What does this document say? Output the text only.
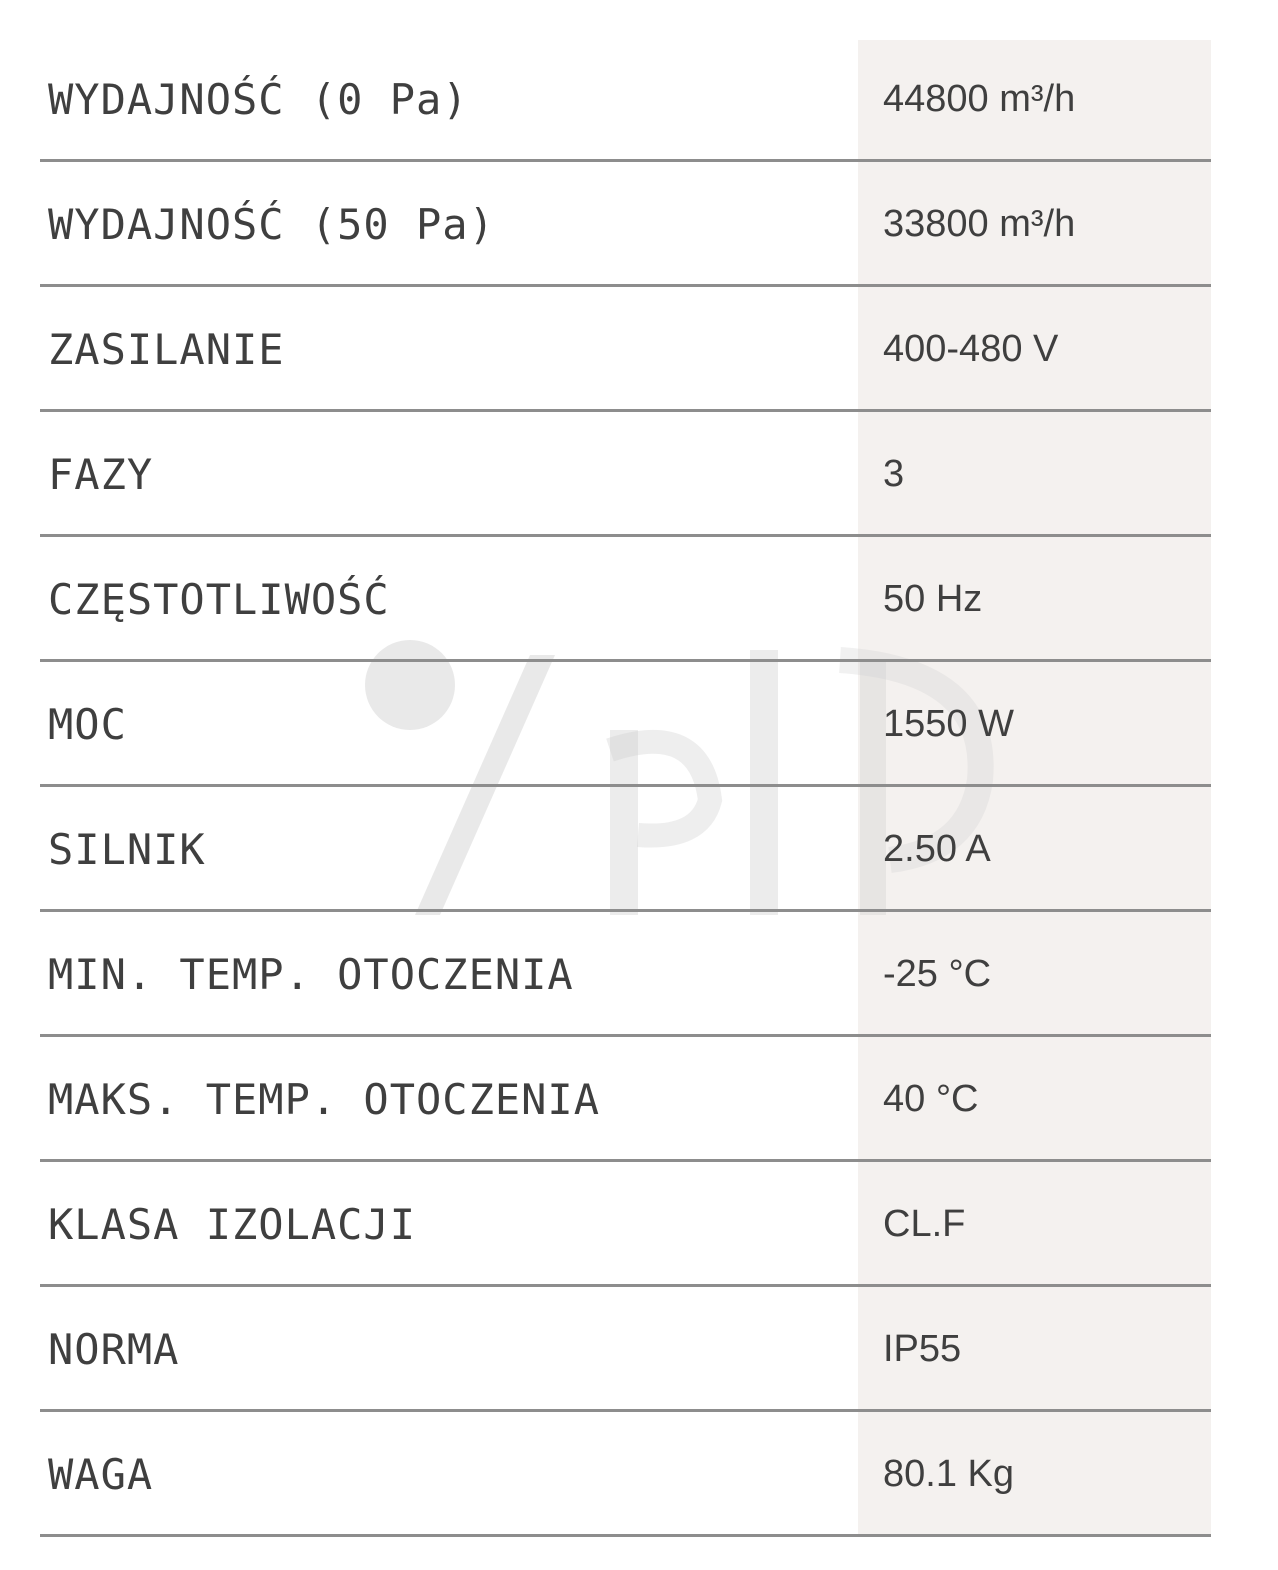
WYDAJNOŚĆ (0 Pa)	44800 m³/h
WYDAJNOŚĆ (50 Pa)	33800 m³/h
ZASILANIE	400-480 V
FAZY	3
CZĘSTOTLIWOŚĆ	50 Hz
MOC	1550 W
SILNIK	2.50 A
MIN. TEMP. OTOCZENIA	-25 °C
MAKS. TEMP. OTOCZENIA	40 °C
KLASA IZOLACJI	CL.F
NORMA	IP55
WAGA	80.1 Kg
